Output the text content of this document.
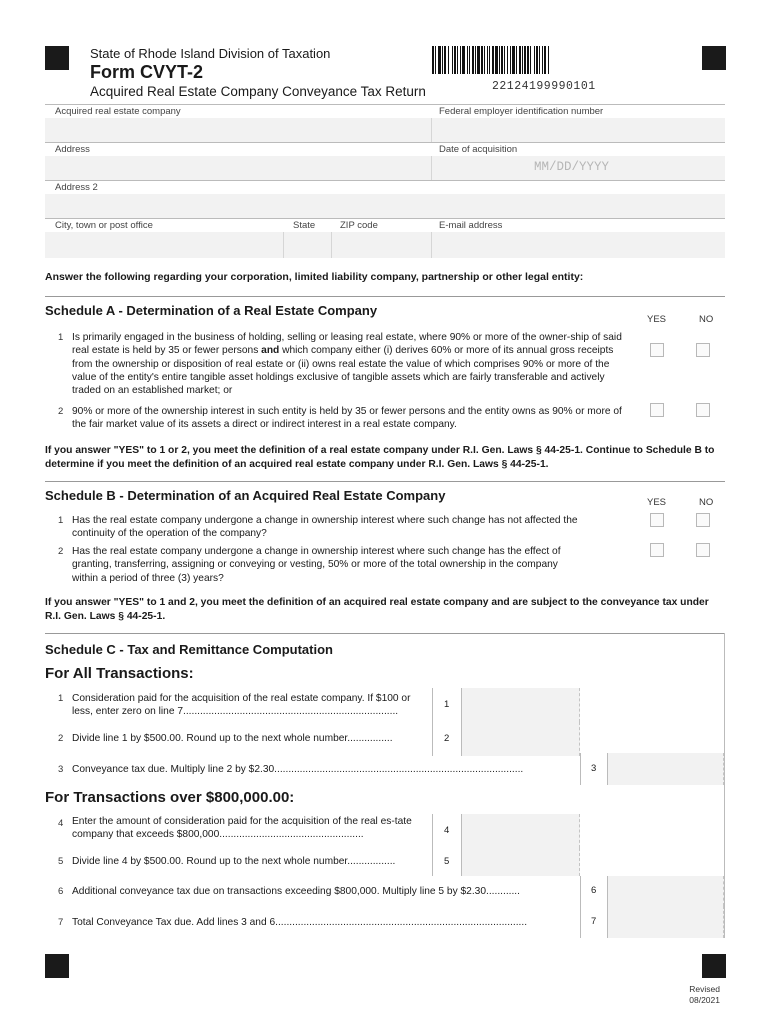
State of Rhode Island Division of Taxation
Form CVYT-2
Acquired Real Estate Company Conveyance Tax Return	22124199990101
Acquired real estate company	Federal employer identification number
Address	Date of acquisition
MM/DD/YYYY
Address 2
City, town or post office	State	ZIP code	E-mail address
Answer the following regarding your corporation, limited liability company, partnership or other legal entity:
Schedule A - Determination of a Real Estate Company
YES	NO
1 Is primarily engaged in the business of holding, selling or leasing real estate, where 90% or more of the owner-ship of said real estate is held by 35 or fewer persons and which company either (i) derives 60% or more of its annual gross receipts from the ownership or disposition of real estate or (ii) owns real estate the value of which comprises 90% or more of the value of the entity's entire tangible asset holdings exclusive of tangible assets which are fairly transferable and actively traded on an established market; or
2 90% or more of the ownership interest in such entity is held by 35 or fewer persons and the entity owns as 90% or more of the fair market value of its assets a direct or indirect interest in a real estate company.
If you answer "YES" to 1 or 2, you meet the definition of a real estate company under R.I. Gen. Laws § 44-25-1. Continue to Schedule B to determine if you meet the definition of an acquired real estate company under R.I. Gen. Laws § 44-25-1.
Schedule B - Determination of an Acquired Real Estate Company	YES	NO
1 Has the real estate company undergone a change in ownership interest where such change has not affected the continuity of the operation of the company?
2 Has the real estate company undergone a change in ownership interest where such change has the effect of granting, transferring, assigning or conveying or vesting, 50% or more of the total ownership in the company within a period of three (3) years?
If you answer "YES" to 1 and 2, you meet the definition of an acquired real estate company and are subject to the conveyance tax under R.I. Gen. Laws § 44-25-1.
Schedule C - Tax and Remittance Computation
For All Transactions:
For Transactions over $800,000.00:
1 Consideration paid for the acquisition of the real estate company. If $100 or less, enter zero on line 7............................................................................
1
2 Divide line 1 by $500.00. Round up to the next whole number................	2
3 Conveyance tax due. Multiply line 2 by $2.30........................................................................................	3
4 Enter the amount of consideration paid for the acquisition of the real es-tate company that exceeds $800,000...................................................	4
5 Divide line 4 by $500.00. Round up to the next whole number.................	5
6 Additional conveyance tax due on transactions exceeding $800,000. Multiply line 5 by $2.30............	6
7 Total Conveyance Tax due. Add lines 3 and 6.........................................................................................	7
Revised
08/2021
